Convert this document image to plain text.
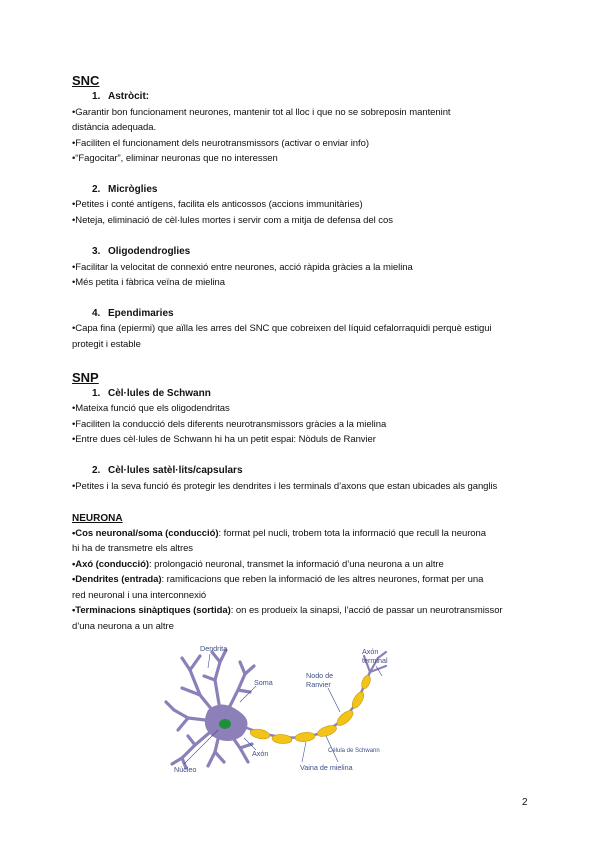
SNC
1. Astròcit:
•Garantir bon funcionament neurones, mantenir tot al lloc i que no se sobreposin mantenint
distància adequada.
•Faciliten el funcionament dels neurotransmissors (activar o enviar info)
•“Fagocitar”, eliminar neuronas que no interessen
2. Micròglies
•Petites i conté antígens, facilita els anticossos (accions immunitàries)
•Neteja, eliminació de cèl·lules mortes i servir com a mitja de defensa del cos
3. Oligodendroglies
•Facilitar la velocitat de connexió entre neurones, acció ràpida gràcies a la mielina
•Més petita i fàbrica veïna de mielina
4. Ependimaries
•Capa fina (epiermi) que aïlla les arres del SNC que cobreixen del líquid cefalorraquidi perquè estigui
protegit i estable
SNP
1. Cèl·lules de Schwann
•Mateixa funció que els oligodendritas
•Faciliten la conducció dels diferents neurotransmissors gràcies a la mielina
•Entre dues cèl·lules de Schwann hi ha un petit espai: Nòduls de Ranvier
2. Cèl·lules satèl·lits/capsulars
•Petites i la seva funció és protegir les dendrites i les terminals d’axons que estan ubicades als ganglis
NEURONA
•Cos neuronal/soma (conducció): format pel nucli, trobem tota la informació que recull la neurona
hi ha de transmetre els altres
•Axó (conducció): prolongació neuronal, transmet la informació d’una neurona a un altre
•Dendrites (entrada): ramificacions que reben la informació de les altres neurones, format per una
red neuronal i una interconnexió
•Terminacions sinàptiques (sortida): on es produeix la sinapsi, l’acció de passar un neurotransmissor
d’una neurona a un altre
Dendrita
Soma
Axón
Núcleo
Nodo de
Ranvier
Axón
terminal
Célula de Schwann
Vaina de mielina
2
